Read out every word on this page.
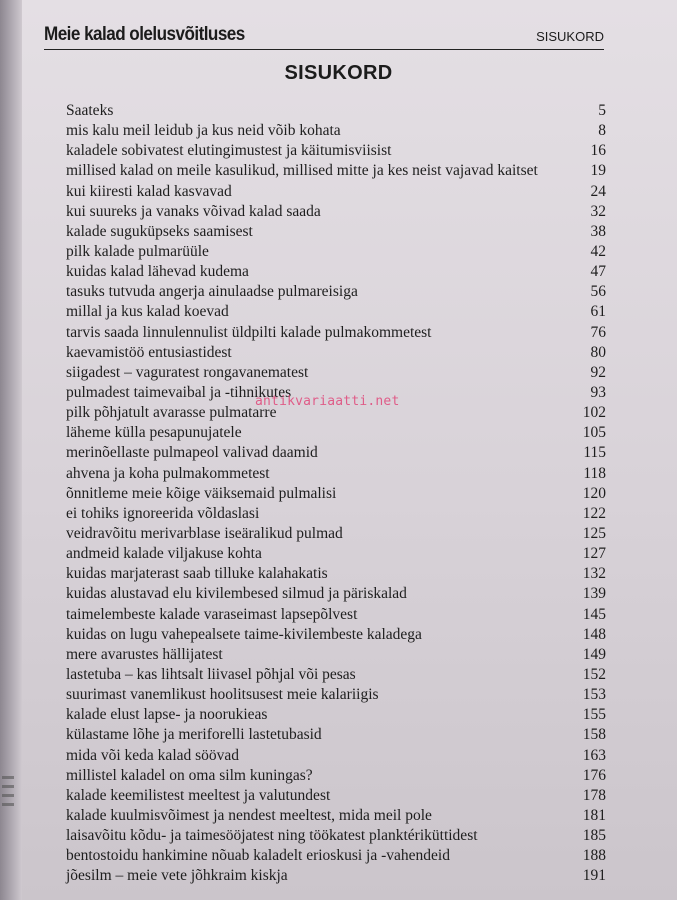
Meie kalad olelusvõitluses	SISUKORD
SISUKORD
Saateks	5
mis kalu meil leidub ja kus neid võib kohata	8
kaladele sobivatest elutingimustest ja käitumisviisist	16
millised kalad on meile kasulikud, millised mitte ja kes neist vajavad kaitset	19
kui kiiresti kalad kasvavad	24
kui suureks ja vanaks võivad kalad saada	32
kalade suguküpseks saamisest	38
pilk kalade pulmarüüle	42
kuidas kalad lähevad kudema	47
tasuks tutvuda angerja ainulaadse pulmareisiga	56
millal ja kus kalad koevad	61
tarvis saada linnulennulist üldpilti kalade pulmakommetest	76
kaevamistöö entusiastidest	80
siigadest – vaguratest rongavanematest	92
pulmadest taimevaibal ja -tihnikutes	93
pilk põhjatult avarasse pulmatarre	102
läheme külla pesapunujatele	105
merinõellaste pulmapeol valivad daamid	115
ahvena ja koha pulmakommetest	118
õnnitleme meie kõige väiksemaid pulmalisi	120
ei tohiks ignoreerida võldaslasi	122
veidravõitu merivarblase iseäralikud pulmad	125
andmeid kalade viljakuse kohta	127
kuidas marjaterast saab tilluke kalahakatis	132
kuidas alustavad elu kivilembesed silmud ja päriskalad	139
taimelembeste kalade varaseimast lapsepõlvest	145
kuidas on lugu vahepealsete taime-kivilembeste kaladega	148
mere avarustes hällijatest	149
lastetuba – kas lihtsalt liivasel põhjal või pesas	152
suurimast vanemlikust hoolitsusest meie kalariigis	153
kalade elust lapse- ja noorukieas	155
külastame lõhe ja meriforelli lastetubasid	158
mida või keda kalad söövad	163
millistel kaladel on oma silm kuningas?	176
kalade keemilistest meeltest ja valutundest	178
kalade kuulmisvõimest ja nendest meeltest, mida meil pole	181
laisavõitu kõdu- ja taimesööjatest ning töökatest planktériküttidest	185
bentostoidu hankimine nõuab kaladelt erioskusi ja -vahendeid	188
jõesilm – meie vete jõhkraim kiskja	191
antikvariaatti.net
